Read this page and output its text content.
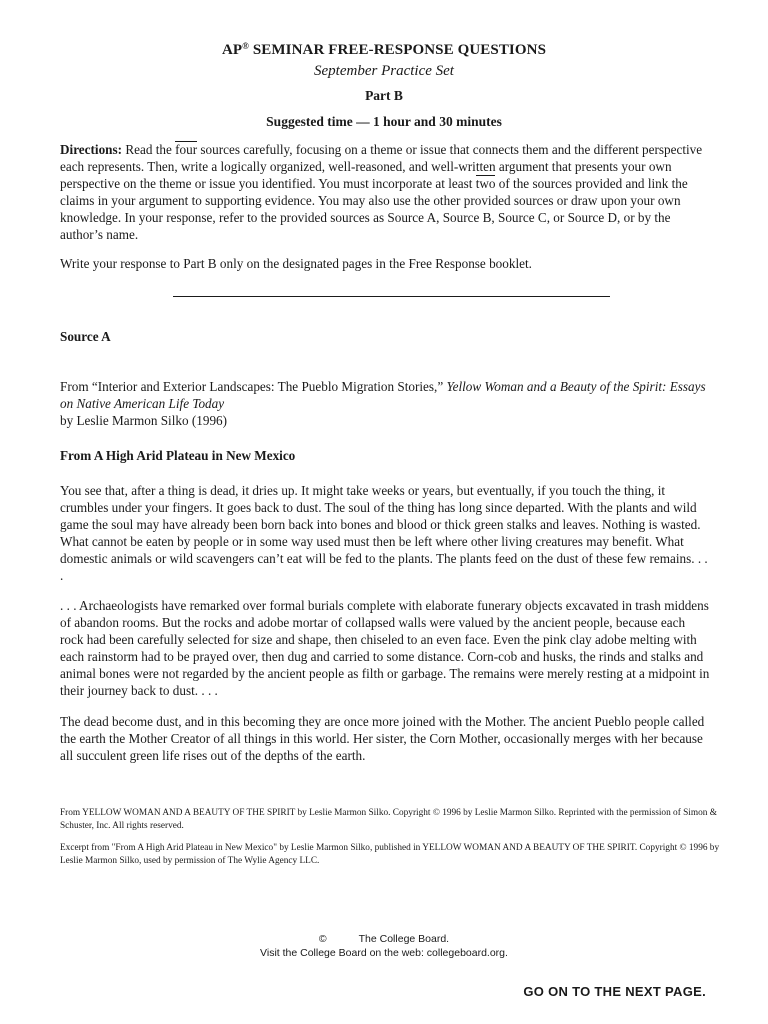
AP® SEMINAR FREE-RESPONSE QUESTIONS
September Practice Set
Part B
Suggested time — 1 hour and 30 minutes
Directions: Read the four sources carefully, focusing on a theme or issue that connects them and the different perspective each represents. Then, write a logically organized, well-reasoned, and well-written argument that presents your own perspective on the theme or issue you identified. You must incorporate at least two of the sources provided and link the claims in your argument to supporting evidence. You may also use the other provided sources or draw upon your own knowledge. In your response, refer to the provided sources as Source A, Source B, Source C, or Source D, or by the author’s name.
Write your response to Part B only on the designated pages in the Free Response booklet.
Source A
From “Interior and Exterior Landscapes: The Pueblo Migration Stories,” Yellow Woman and a Beauty of the Spirit: Essays on Native American Life Today
by Leslie Marmon Silko (1996)
From A High Arid Plateau in New Mexico
You see that, after a thing is dead, it dries up. It might take weeks or years, but eventually, if you touch the thing, it crumbles under your fingers. It goes back to dust. The soul of the thing has long since departed. With the plants and wild game the soul may have already been born back into bones and blood or thick green stalks and leaves. Nothing is wasted. What cannot be eaten by people or in some way used must then be left where other living creatures may benefit. What domestic animals or wild scavengers can’t eat will be fed to the plants. The plants feed on the dust of these few remains. . . .
. . . Archaeologists have remarked over formal burials complete with elaborate funerary objects excavated in trash middens of abandon rooms. But the rocks and adobe mortar of collapsed walls were valued by the ancient people, because each rock had been carefully selected for size and shape, then chiseled to an even face. Even the pink clay adobe melting with each rainstorm had to be prayed over, then dug and carried to some distance. Corn-cob and husks, the rinds and stalks and animal bones were not regarded by the ancient people as filth or garbage. The remains were merely resting at a midpoint in their journey back to dust. . . .
The dead become dust, and in this becoming they are once more joined with the Mother. The ancient Pueblo people called the earth the Mother Creator of all things in this world. Her sister, the Corn Mother, occasionally merges with her because all succulent green life rises out of the depths of the earth.
From YELLOW WOMAN AND A BEAUTY OF THE SPIRIT by Leslie Marmon Silko. Copyright © 1996 by Leslie Marmon Silko. Reprinted with the permission of Simon & Schuster, Inc. All rights reserved.
Excerpt from "From A High Arid Plateau in New Mexico" by Leslie Marmon Silko, published in YELLOW WOMAN AND A BEAUTY OF THE SPIRIT. Copyright © 1996 by Leslie Marmon Silko, used by permission of The Wylie Agency LLC.
©	The College Board.
Visit the College Board on the web: collegeboard.org.
GO ON TO THE NEXT PAGE.
